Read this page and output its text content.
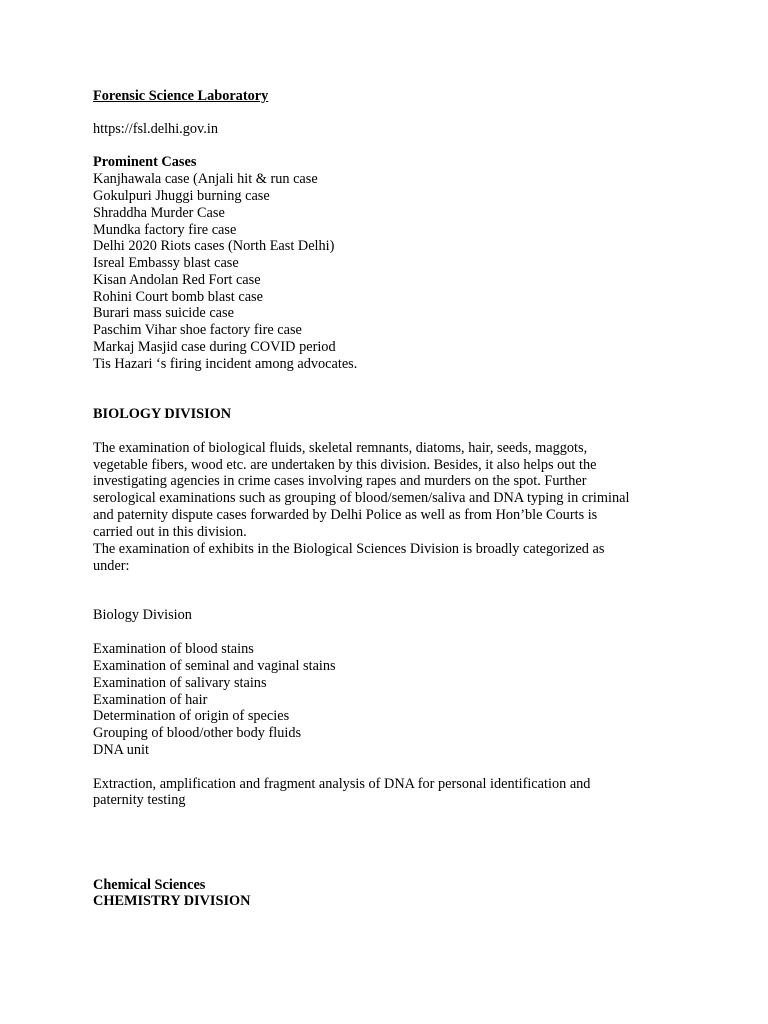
Forensic Science Laboratory
https://fsl.delhi.gov.in
Prominent Cases
Kanjhawala case (Anjali hit & run case
Gokulpuri Jhuggi burning case
Shraddha Murder Case
Mundka factory fire case
Delhi 2020 Riots cases (North East Delhi)
Isreal Embassy blast case
Kisan Andolan Red Fort case
Rohini Court bomb blast case
Burari mass suicide case
Paschim Vihar shoe factory fire case
Markaj Masjid case during COVID period
Tis Hazari ‘s firing incident among advocates.
BIOLOGY DIVISION
The examination of biological fluids, skeletal remnants, diatoms, hair, seeds, maggots,
vegetable fibers, wood etc. are undertaken by this division. Besides, it also helps out the
investigating agencies in crime cases involving rapes and murders on the spot. Further
serological examinations such as grouping of blood/semen/saliva and DNA typing in criminal
and paternity dispute cases forwarded by Delhi Police as well as from Hon’ble Courts is
carried out in this division.
The examination of exhibits in the Biological Sciences Division is broadly categorized as
under:
Biology Division
Examination of blood stains
Examination of seminal and vaginal stains
Examination of salivary stains
Examination of hair
Determination of origin of species
Grouping of blood/other body fluids
DNA unit
Extraction, amplification and fragment analysis of DNA for personal identification and
paternity testing
Chemical Sciences
CHEMISTRY DIVISION
